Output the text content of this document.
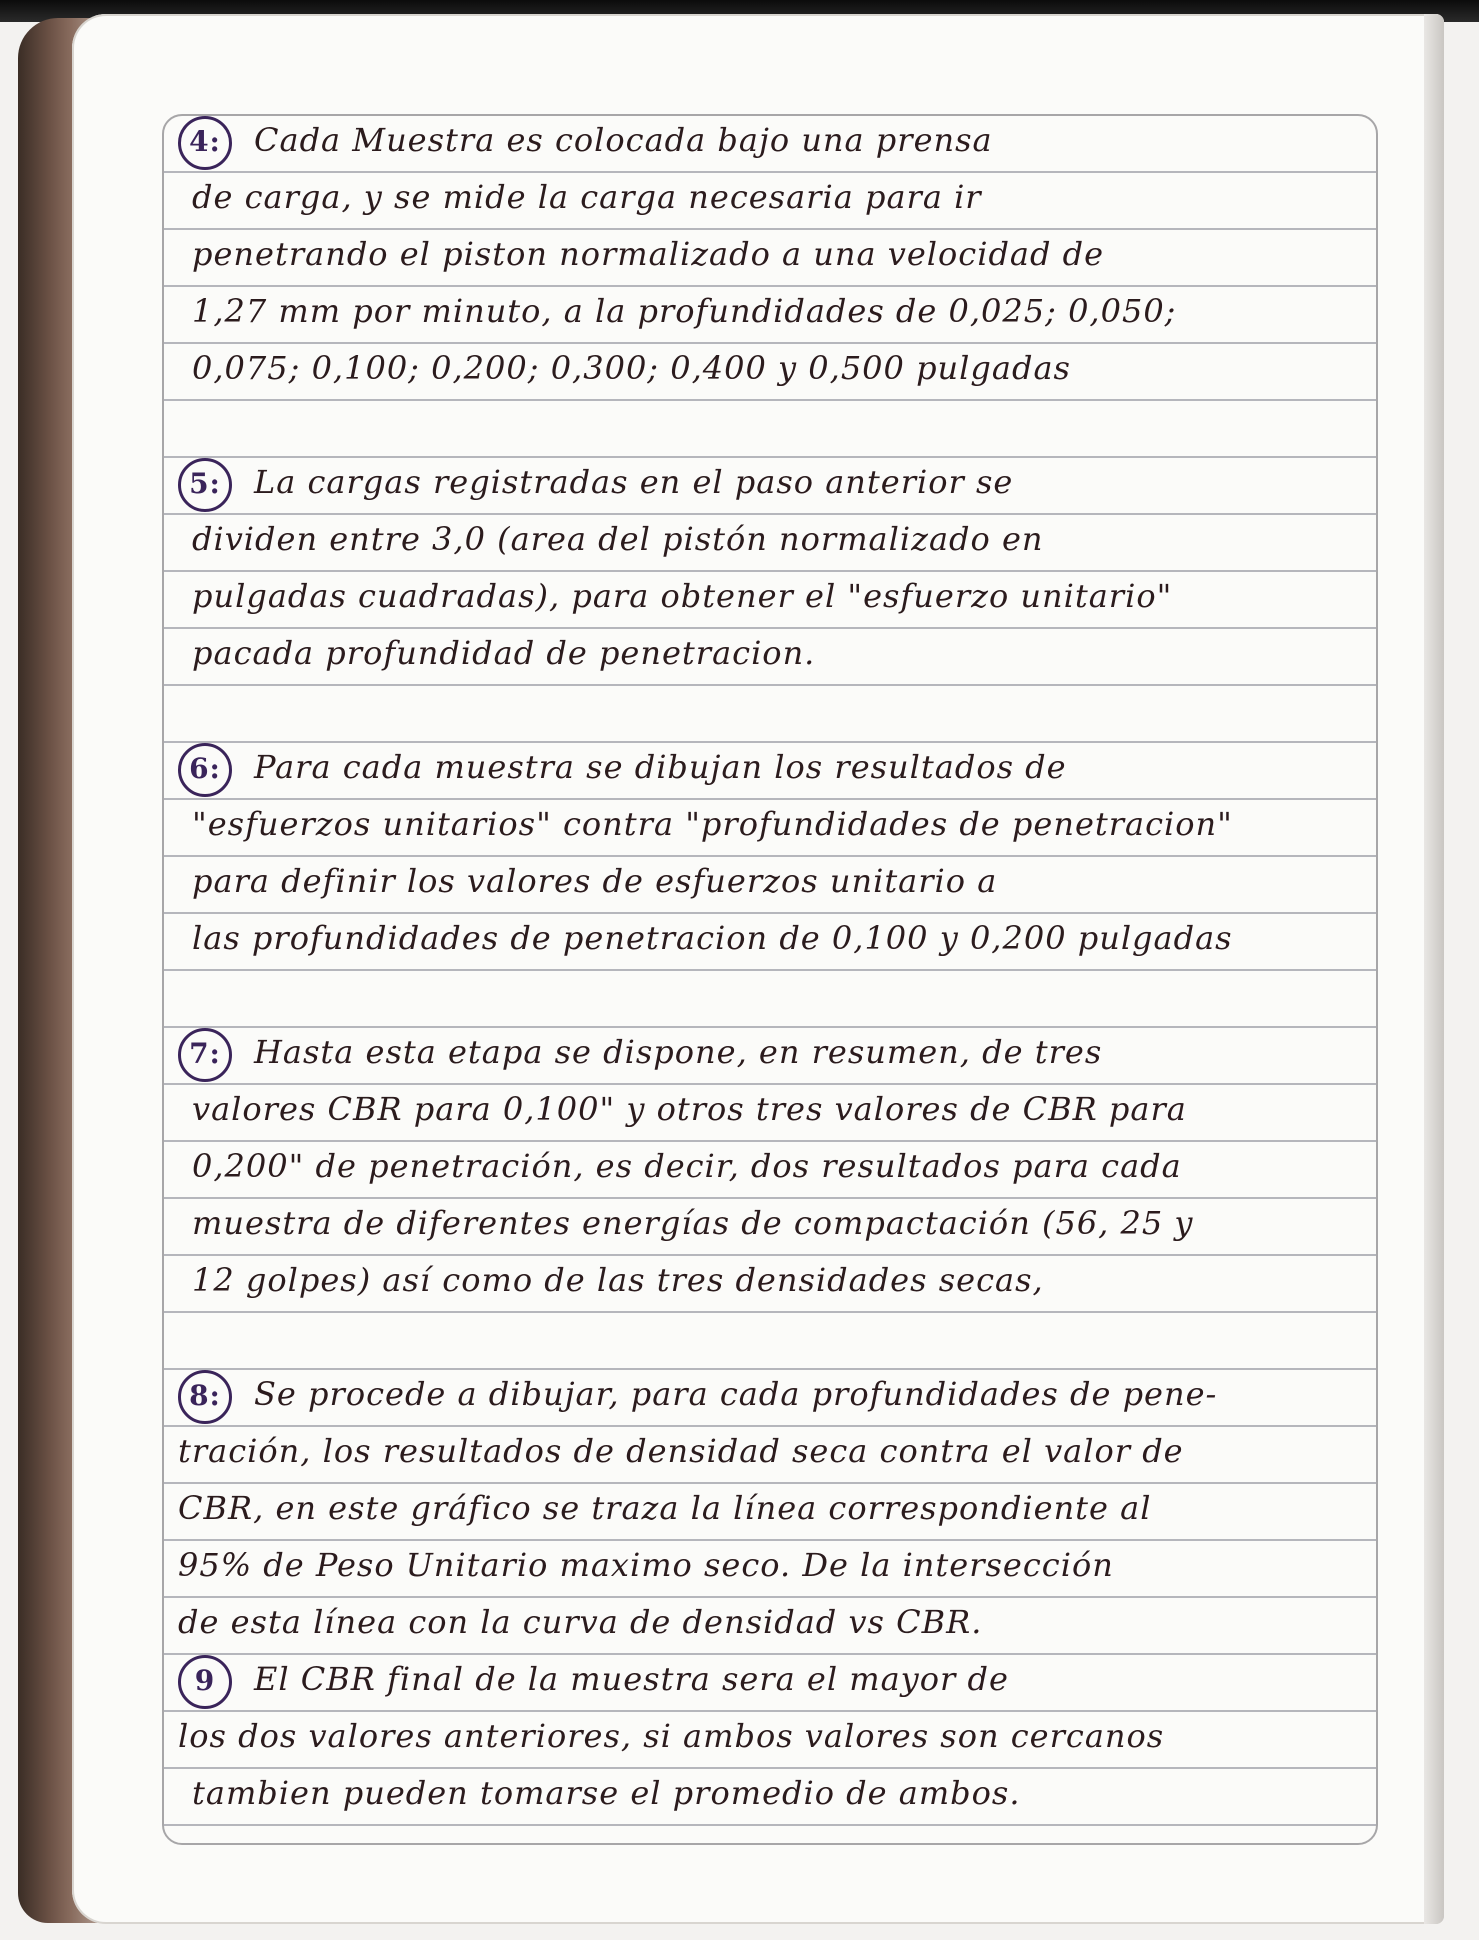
4: Cada Muestra es colocada bajo una prensa
de carga, y se mide la carga necesaria para ir
penetrando el piston normalizado a una velocidad de
1,27 mm por minuto, a la profundidades de 0,025; 0,050;
0,075; 0,100; 0,200; 0,300; 0,400 y 0,500 pulgadas
5: La cargas registradas en el paso anterior se
dividen entre 3,0 (area del pistón normalizado en
pulgadas cuadradas), para obtener el "esfuerzo unitario"
pacada profundidad de penetracion.
6: Para cada muestra se dibujan los resultados de
"esfuerzos unitarios" contra "profundidades de penetracion"
para definir los valores de esfuerzos unitario a
las profundidades de penetracion de 0,100 y 0,200 pulgadas
7: Hasta esta etapa se dispone, en resumen, de tres
valores CBR para 0,100" y otros tres valores de CBR para
0,200" de penetración, es decir, dos resultados para cada
muestra de diferentes energías de compactación (56, 25 y
12 golpes) así como de las tres densidades secas,
8: Se procede a dibujar, para cada profundidades de pene-
tración, los resultados de densidad seca contra el valor de
CBR, en este gráfico se traza la línea correspondiente al
95% de Peso Unitario maximo seco. De la intersección
de esta línea con la curva de densidad vs CBR.
9 El CBR final de la muestra sera el mayor de
los dos valores anteriores, si ambos valores son cercanos
tambien pueden tomarse el promedio de ambos.
